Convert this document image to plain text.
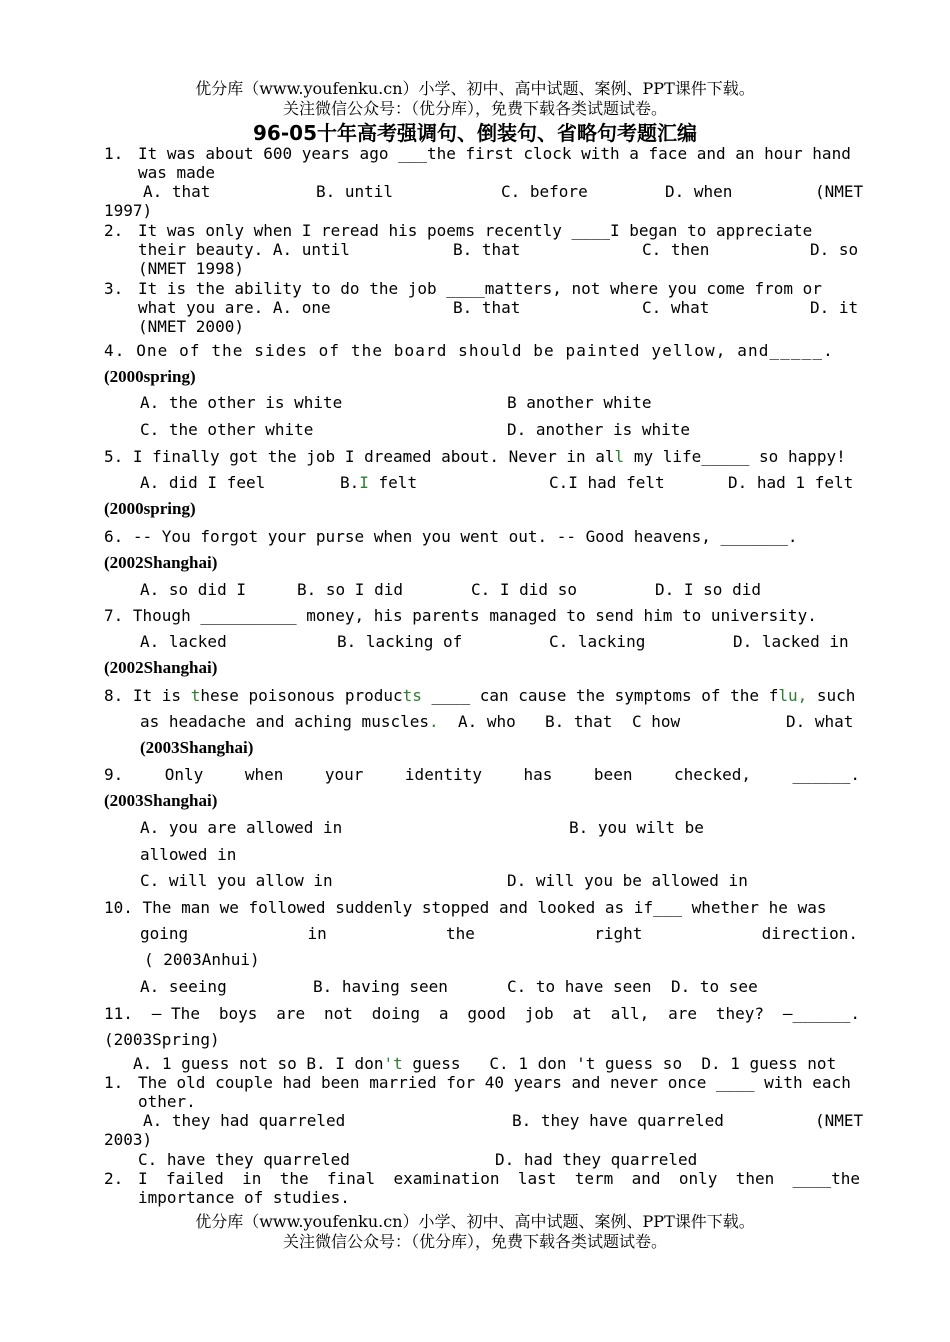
优分库（www.youfenku.cn）小学、初中、高中试题、案例、PPT课件下载。
关注微信公众号：（优分库），免费下载各类试题试卷。
96-05十年高考强调句、倒装句、省略句考题汇编
1. It was about 600 years ago ___the first clock with a face and an hour hand
was made
A. that	B. until	C. before	D. when	(NMET
1997)
2. It was only when I reread his poems recently ____I began to appreciate
their beauty. A. until	B. that	C. then	D. so
(NMET 1998)
3. It is the ability to do the job ____matters, not where you come from or
what you are. A. one	B. that	C. what	D. it
(NMET 2000)
4. One of the sides of the board should be painted yellow, and_____.
(2000spring)
A. the other is white	B another white
C. the other white	D. another is white
5. I finally got the job I dreamed about. Never in all my life_____ so happy!
A. did I feel	B.I felt	C.I had felt	D. had 1 felt
(2000spring)
6. -- You forgot your purse when you went out. -- Good heavens, _______.
(2002Shanghai)
A. so did I	B. so I did	C. I did so	D. I so did
7. Though __________ money, his parents managed to send him to university.
A. lacked	B. lacking of	C. lacking	D. lacked in
(2002Shanghai)
8. It is these poisonous products ____ can cause the symptoms of the flu, such
as headache and aching muscles. A. who B. that C how	D. what
(2003Shanghai)
9.	Only	when	your	identity	has	been	checked,	______.
(2003Shanghai)
A. you are allowed in	B. you wilt be
allowed in
C. will you allow in	D. will you be allowed in
10. The man we followed suddenly stopped and looked as if___ whether he was
going	in	the	right	direction.
( 2003Anhui)
A. seeing	B. having seen	C. to have seen D. to see
11. — The boys are not doing a good job at all, are they? —______.
(2003Spring)
A. 1 guess not so B. I don't guess   C. 1 don 't guess so  D. 1 guess not
1. The old couple had been married for 40 years and never once ____ with each
other.
A. they had quarreled	B. they have quarreled	(NMET
2003)
C. have they quarreled	D. had they quarreled
2. I failed in the final examination last term and only then ____the
importance of studies.
优分库（www.youfenku.cn）小学、初中、高中试题、案例、PPT课件下载。
关注微信公众号：（优分库），免费下载各类试题试卷。
